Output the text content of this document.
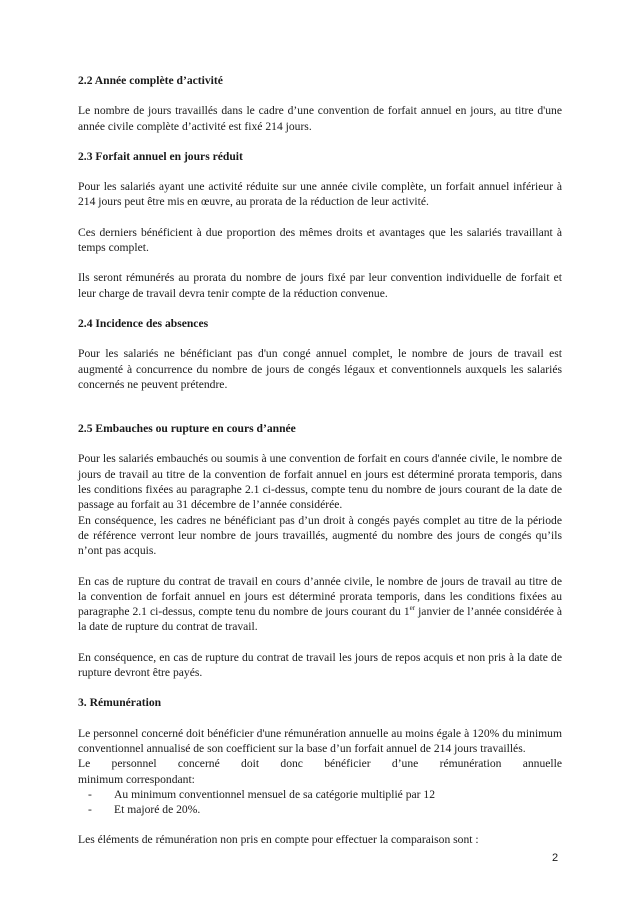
2.2 Année complète d’activité

Le nombre de jours travaillés dans le cadre d’une convention de forfait annuel en jours, au titre d'une année civile complète d’activité est fixé 214 jours.

2.3 Forfait annuel en jours réduit

Pour les salariés ayant une activité réduite sur une année civile complète, un forfait annuel inférieur à 214 jours peut être mis en œuvre, au prorata de la réduction de leur activité.

Ces derniers bénéficient à due proportion des mêmes droits et avantages que les salariés travaillant à temps complet.

Ils seront rémunérés au prorata du nombre de jours fixé par leur convention individuelle de forfait et leur charge de travail devra tenir compte de la réduction convenue.

2.4 Incidence des absences

Pour les salariés ne bénéficiant pas d'un congé annuel complet, le nombre de jours de travail est augmenté à concurrence du nombre de jours de congés légaux et conventionnels auxquels les salariés concernés ne peuvent prétendre.

2.5 Embauches ou rupture en cours d’année

Pour les salariés embauchés ou soumis à une convention de forfait en cours d'année civile, le nombre de jours de travail au titre de la convention de forfait annuel en jours est déterminé prorata temporis, dans les conditions fixées au paragraphe 2.1 ci-dessus, compte tenu du nombre de jours courant de la date de passage au forfait au 31 décembre de l’année considérée.

En conséquence, les cadres ne bénéficiant pas d’un droit à congés payés complet au titre de la période de référence verront leur nombre de jours travaillés, augmenté du nombre des jours de congés qu’ils n’ont pas acquis.

En cas de rupture du contrat de travail en cours d’année civile, le nombre de jours de travail au titre de la convention de forfait annuel en jours est déterminé prorata temporis, dans les conditions fixées au paragraphe 2.1 ci-dessus, compte tenu du nombre de jours courant du 1er janvier de l’année considérée à la date de rupture du contrat de travail.

En conséquence, en cas de rupture du contrat de travail les jours de repos acquis et non pris à la date de rupture devront être payés.

3. Rémunération

Le personnel concerné doit bénéficier d'une rémunération annuelle au moins égale à 120% du minimum conventionnel annualisé de son coefficient sur la base d’un forfait annuel de 214 jours travaillés.

Le personnel concerné doit donc bénéficier d’une rémunération annuelle

minimum correspondant:

- Au minimum conventionnel mensuel de sa catégorie multiplié par 12
- Et majoré de 20%.

Les éléments de rémunération non pris en compte pour effectuer la comparaison sont :

2
